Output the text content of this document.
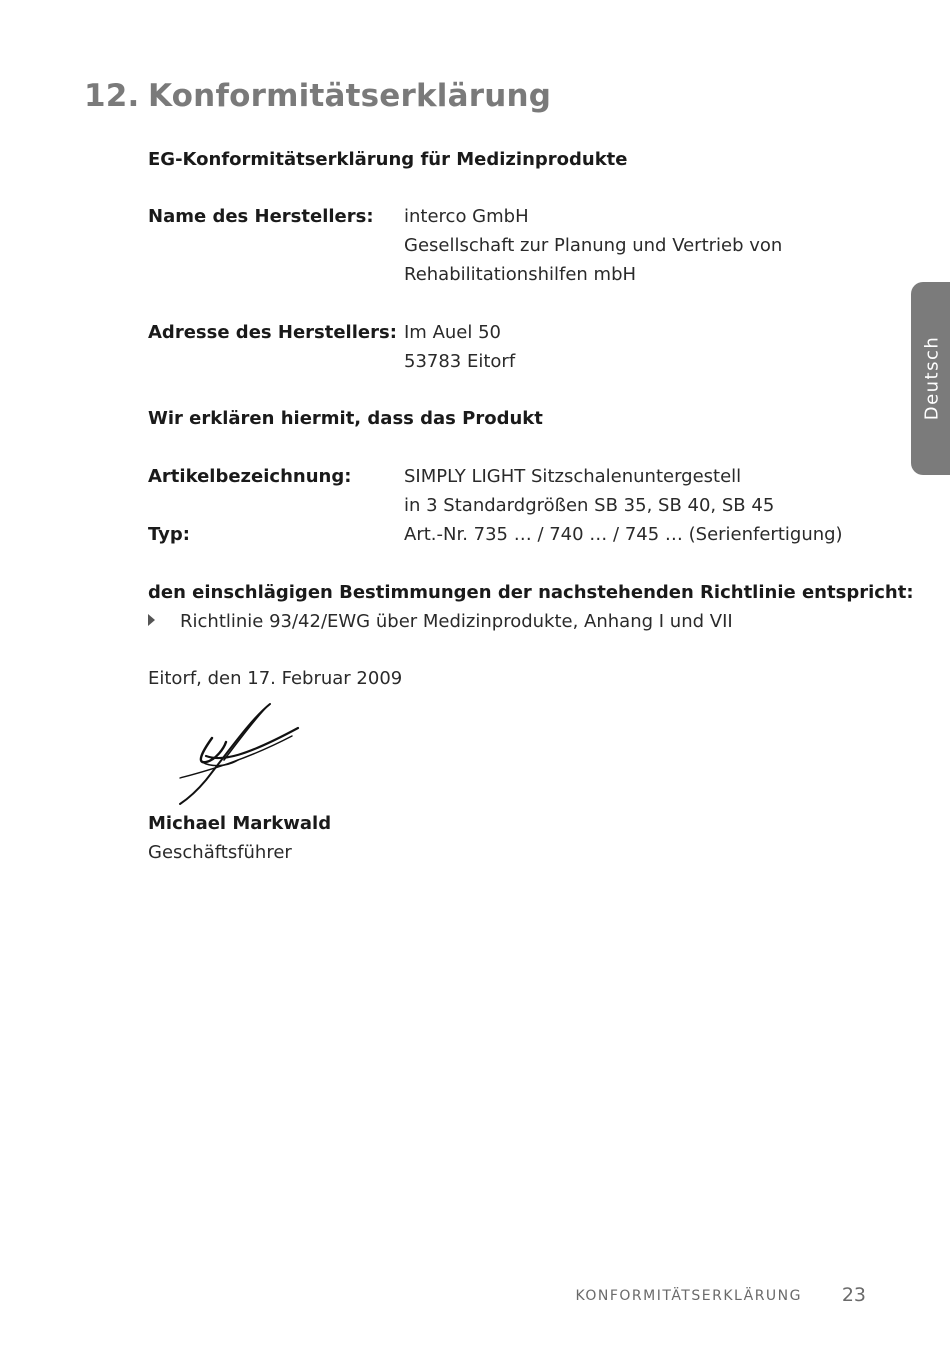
12. Konformitätserklärung
EG-Konformitätserklärung für Medizinprodukte
Name des Herstellers: interco GmbH
Gesellschaft zur Planung und Vertrieb von
Rehabilitationshilfen mbH
Adresse des Herstellers: Im Auel 50
53783 Eitorf
Wir erklären hiermit, dass das Produkt
Artikelbezeichnung:	SIMPLY LIGHT Sitzschalenuntergestell
in 3 Standardgrößen SB 35, SB 40, SB 45
Typ:	Art.-Nr. 735 … / 740 … / 745 … (Serienfertigung)
den einschlägigen Bestimmungen der nachstehenden Richtlinie entspricht:
Richtlinie 93/42/EWG über Medizinprodukte, Anhang I und VII
Eitorf, den 17. Februar 2009
Michael Markwald
Geschäftsführer
Deutsch
KONFORMITÄTSERKLÄRUNG 23
